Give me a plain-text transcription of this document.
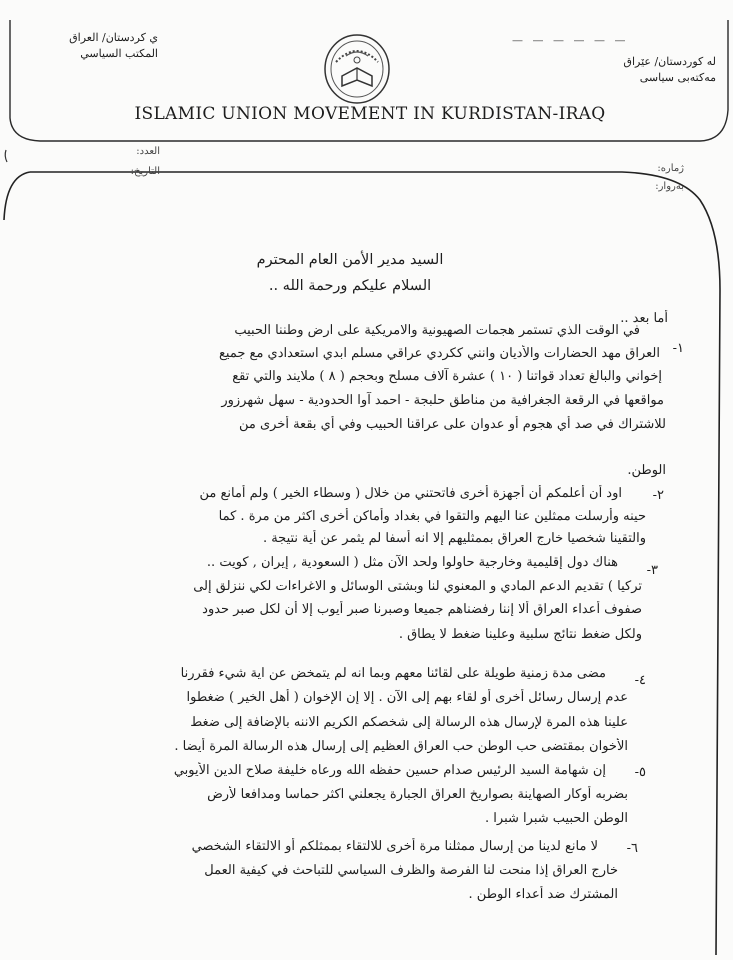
ي كردستان/ العراق
المكتب السياسي
— — — — — —
له كوردستان/ عێراق
مه‌كته‌بی سیاسی
ISLAMIC UNION MOVEMENT IN KURDISTAN-IRAQ
العدد:
التاريخ:	ژماره:
به‌روار:
السيد مدير الأمن العام المحترم
السلام عليكم ورحمة الله ..
أما بعد ..
١-
٢-
٣-
٤-
٥-
٦-
في الوقت الذي تستمر هجمات الصهيونية والامريكية على ارض وطننا الحبيب
العراق مهد الحضارات والأديان وانني ككردي عراقي مسلم ابدي استعدادي مع جميع
إخواني والبالغ تعداد قواتنا ( ١٠ ) عشرة آلاف مسلح وبحجم ( ٨ ) ملايند والتي تقع
مواقعها في الرقعة الجغرافية من مناطق حلبجة - احمد آوا الحدودية - سهل شهرزور
للاشتراك في صد أي هجوم أو عدوان على عراقنا الحبيب وفي أي بقعة أخرى من
الوطن.
اود أن أعلمكم أن أجهزة أخرى فاتحتني من خلال ( وسطاء الخير ) ولم أمانع من
حينه وأرسلت ممثلين عنا اليهم والتقوا في بغداد وأماكن أخرى اكثر من مرة . كما
والتقينا شخصيا خارج العراق بممثليهم إلا انه أسفا لم يثمر عن أية نتيجة .
هناك دول إقليمية وخارجية حاولوا ولحد الآن مثل ( السعودية , إيران , كويت ..
تركيا ) تقديم الدعم المادي و المعنوي لنا وبشتى الوسائل و الاغراءات لكي ننزلق إلى
صفوف أعداء العراق ألا إننا رفضناهم جميعا وصبرنا صبر أيوب إلا أن لكل صبر حدود
ولكل ضغط نتائج سلبية وعلينا ضغط لا يطاق .
مضى مدة زمنية طويلة على لقائنا معهم وبما انه لم يتمخض عن اية شيء فقررنا
عدم إرسال رسائل أخرى أو لقاء بهم إلى الآن . إلا إن الإخوان ( أهل الخير ) ضغطوا
علينا هذه المرة لإرسال هذه الرسالة إلى شخصكم الكريم الاننه بالإضافة إلى ضغط
الأخوان بمقتضى حب الوطن حب العراق العظيم إلى إرسال هذه الرسالة المرة أيضا .
إن شهامة السيد الرئيس صدام حسين حفظه الله ورعاه خليفة صلاح الدين الأيوبي
بضربه أوكار الصهاينة بصواريخ العراق الجبارة يجعلني اكثر حماسا ومدافعا لأرض
الوطن الحبيب شبرا شبرا .
لا مانع لدينا من إرسال ممثلنا مرة أخرى للالتقاء بممثلكم أو الالتقاء الشخصي
خارج العراق إذا منحت لنا الفرصة والظرف السياسي للتباحث في كيفية العمل
المشترك ضد أعداء الوطن .
